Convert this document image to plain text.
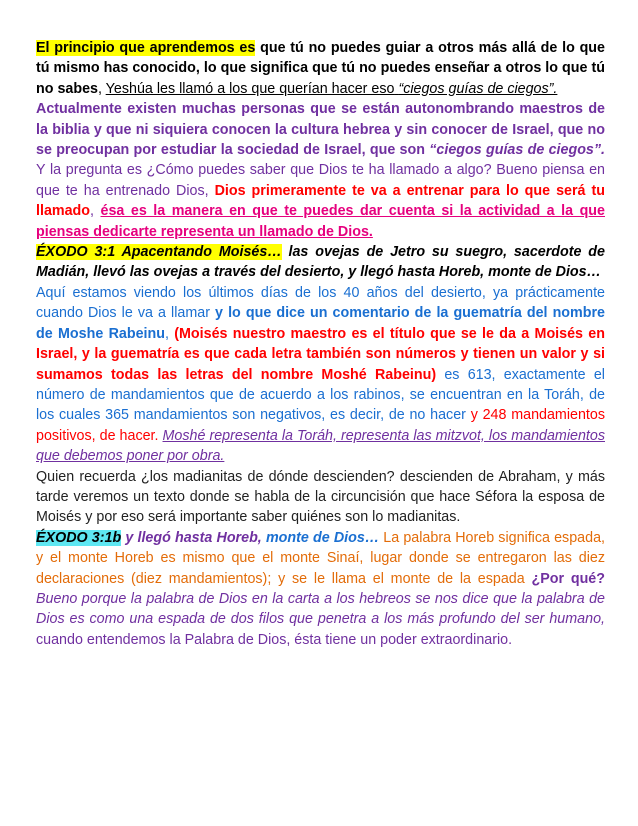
El principio que aprendemos es que tú no puedes guiar a otros más allá de lo que tú mismo has conocido, lo que significa que tú no puedes enseñar a otros lo que tú no sabes, Yeshúa les llamó a los que querían hacer eso “ciegos guías de ciegos”.

Actualmente existen muchas personas que se están autonombrando maestros de la biblia y que ni siquiera conocen la cultura hebrea y sin conocer de Israel, que no se preocupan por estudiar la sociedad de Israel, que son “ciegos guías de ciegos”. Y la pregunta es ¿Cómo puedes saber que Dios te ha llamado a algo? Bueno piensa en que te ha entrenado Dios, Dios primeramente te va a entrenar para lo que será tu llamado, ésa es la manera en que te puedes dar cuenta si la actividad a la que piensas dedicarte representa un llamado de Dios.

ÉXODO 3:1 Apacentando Moisés… las ovejas de Jetro su suegro, sacerdote de Madián, llevó las ovejas a través del desierto, y llegó hasta Horeb, monte de Dios…

Aquí estamos viendo los últimos días de los 40 años del desierto, ya prácticamente cuando Dios le va a llamar y lo que dice un comentario de la guematría del nombre de Moshe Rabeinu, (Moisés nuestro maestro es el título que se le da a Moisés en Israel, y la guematría es que cada letra también son números y tienen un valor y si sumamos todas las letras del nombre Moshé Rabeinu) es 613, exactamente el número de mandamientos que de acuerdo a los rabinos, se encuentran en la Toráh, de los cuales 365 mandamientos son negativos, es decir, de no hacer y 248 mandamientos positivos, de hacer. Moshé representa la Toráh, representa las mitzvot, los mandamientos que debemos poner por obra.

Quien recuerda ¿los madianitas de dónde descienden? descienden de Abraham, y más tarde veremos un texto donde se habla de la circuncisión que hace Séfora la esposa de Moisés y por eso será importante saber quiénes son lo madianitas.

ÉXODO 3:1b y llegó hasta Horeb, monte de Dios… La palabra Horeb significa espada, y el monte Horeb es mismo que el monte Sinaí, lugar donde se entregaron las diez declaraciones (diez mandamientos); y se le llama el monte de la espada ¿Por qué? Bueno porque la palabra de Dios en la carta a los hebreos se nos dice que la palabra de Dios es como una espada de dos filos que penetra a los más profundo del ser humano, cuando entendemos la Palabra de Dios, ésta tiene un poder extraordinario.
